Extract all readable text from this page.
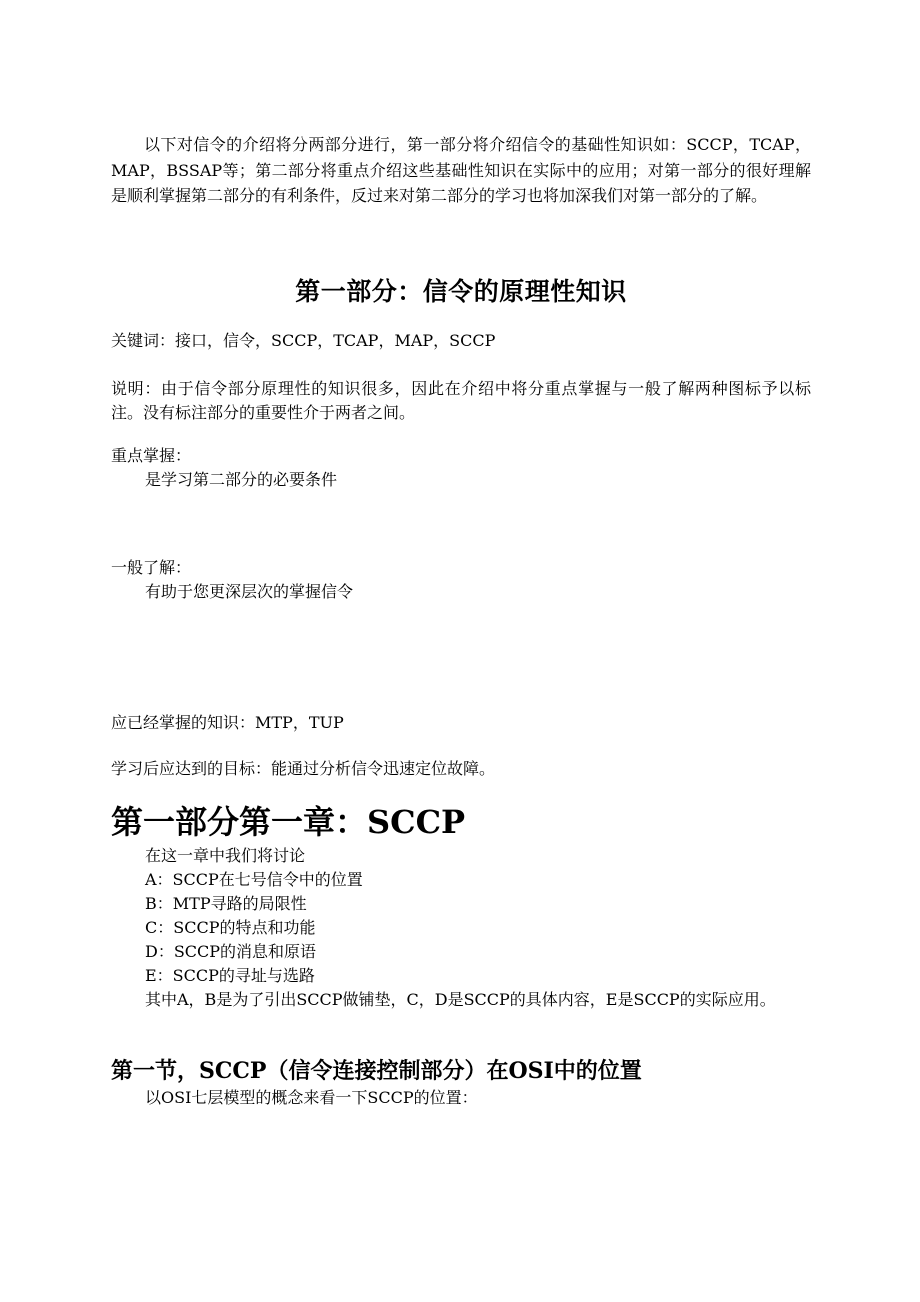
以下对信令的介绍将分两部分进行，第一部分将介绍信令的基础性知识如：SCCP，TCAP，MAP，BSSAP等；第二部分将重点介绍这些基础性知识在实际中的应用；对第一部分的很好理解是顺利掌握第二部分的有利条件，反过来对第二部分的学习也将加深我们对第一部分的了解。

第一部分：信令的原理性知识

关键词：接口，信令，SCCP，TCAP，MAP，SCCP

说明：由于信令部分原理性的知识很多，因此在介绍中将分重点掌握与一般了解两种图标予以标注。没有标注部分的重要性介于两者之间。

重点掌握：

是学习第二部分的必要条件

一般了解：

有助于您更深层次的掌握信令

应已经掌握的知识：MTP，TUP

学习后应达到的目标：能通过分析信令迅速定位故障。

第一部分第一章：SCCP
在这一章中我们将讨论
A：SCCP在七号信令中的位置
B：MTP寻路的局限性
C：SCCP的特点和功能
D：SCCP的消息和原语
E：SCCP的寻址与选路

其中A，B是为了引出SCCP做铺垫，C，D是SCCP的具体内容，E是SCCP的实际应用。

第一节，SCCP（信令连接控制部分）在OSI中的位置

以OSI七层模型的概念来看一下SCCP的位置：
